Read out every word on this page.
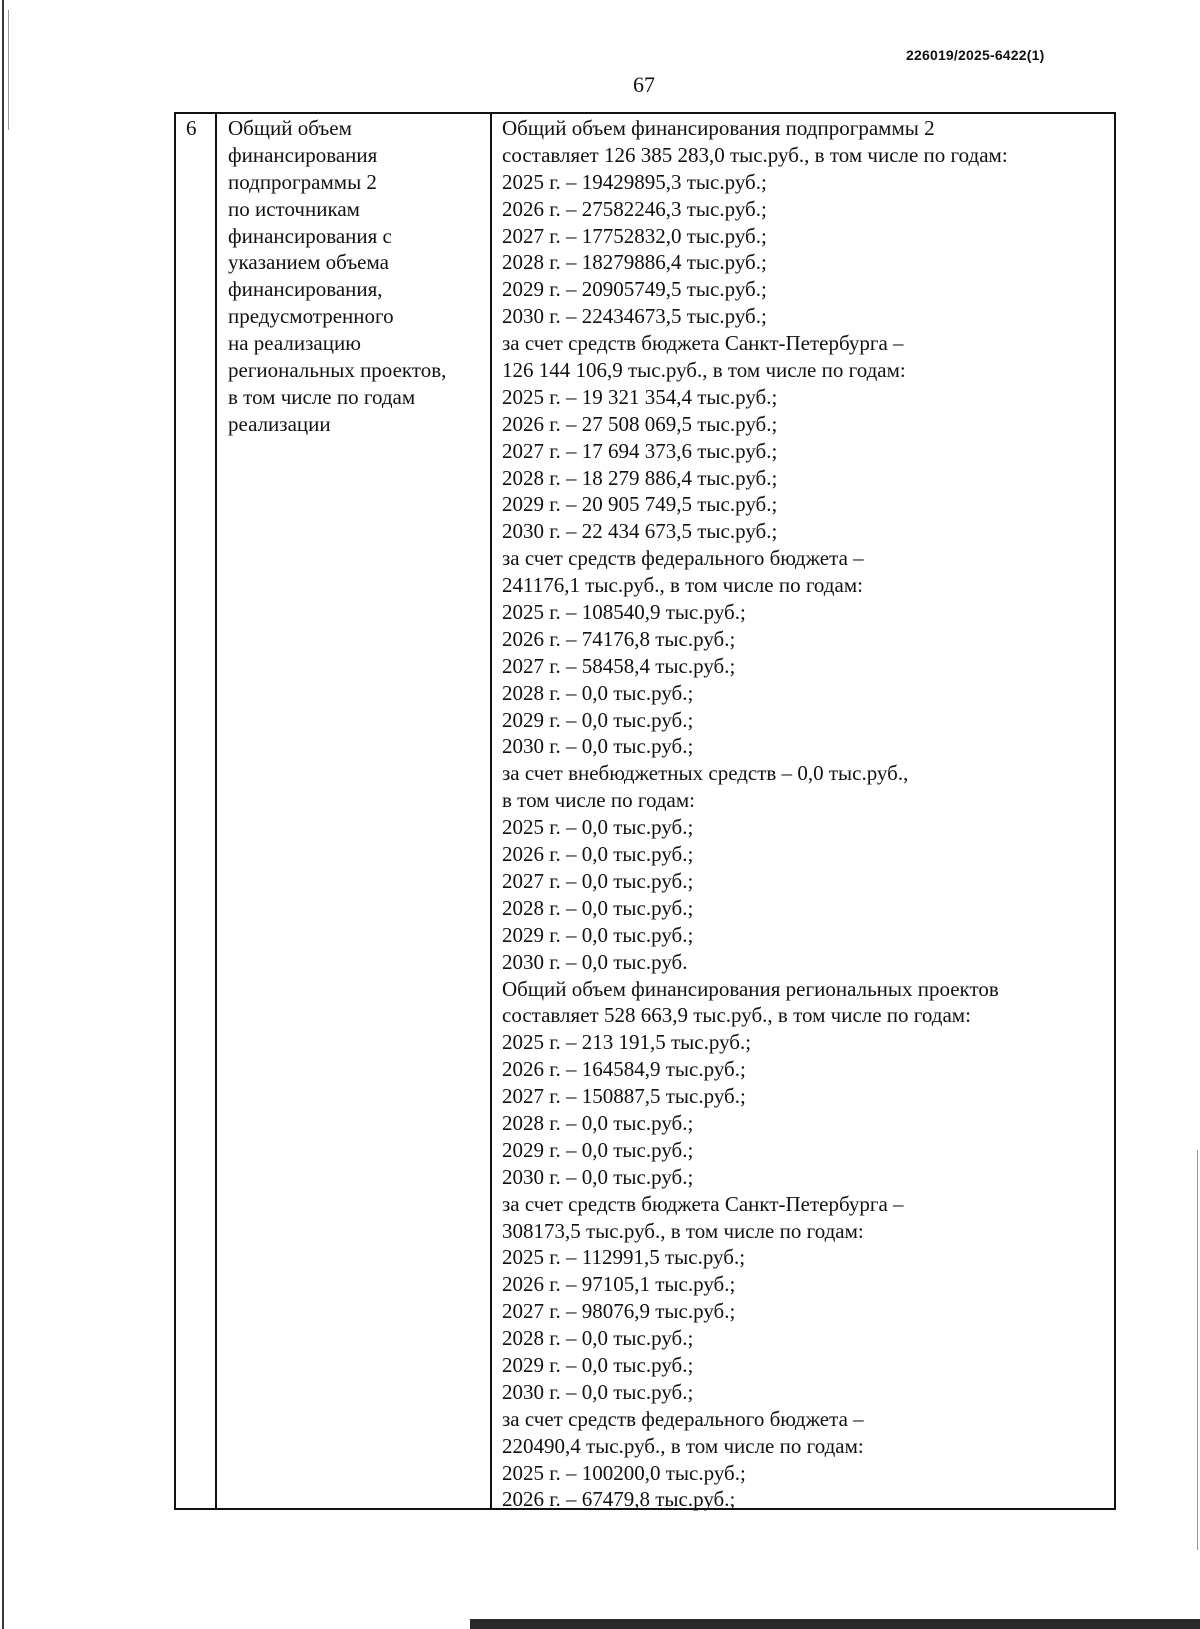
226019/2025-6422(1)
67
6 Общий объем
финансирования
подпрограммы 2
по источникам
финансирования с
указанием объема
финансирования,
предусмотренного
на реализацию
региональных проектов,
в том числе по годам
реализации
Общий объем финансирования подпрограммы 2
составляет 126 385 283,0 тыс.руб., в том числе по годам:
2025 г. – 19429895,3 тыс.руб.;
2026 г. – 27582246,3 тыс.руб.;
2027 г. – 17752832,0 тыс.руб.;
2028 г. – 18279886,4 тыс.руб.;
2029 г. – 20905749,5 тыс.руб.;
2030 г. – 22434673,5 тыс.руб.;
за счет средств бюджета Санкт-Петербурга –
126 144 106,9 тыс.руб., в том числе по годам:
2025 г. – 19 321 354,4 тыс.руб.;
2026 г. – 27 508 069,5 тыс.руб.;
2027 г. – 17 694 373,6 тыс.руб.;
2028 г. – 18 279 886,4 тыс.руб.;
2029 г. – 20 905 749,5 тыс.руб.;
2030 г. – 22 434 673,5 тыс.руб.;
за счет средств федерального бюджета –
241176,1 тыс.руб., в том числе по годам:
2025 г. – 108540,9 тыс.руб.;
2026 г. – 74176,8 тыс.руб.;
2027 г. – 58458,4 тыс.руб.;
2028 г. – 0,0 тыс.руб.;
2029 г. – 0,0 тыс.руб.;
2030 г. – 0,0 тыс.руб.;
за счет внебюджетных средств – 0,0 тыс.руб.,
в том числе по годам:
2025 г. – 0,0 тыс.руб.;
2026 г. – 0,0 тыс.руб.;
2027 г. – 0,0 тыс.руб.;
2028 г. – 0,0 тыс.руб.;
2029 г. – 0,0 тыс.руб.;
2030 г. – 0,0 тыс.руб.
Общий объем финансирования региональных проектов
составляет 528 663,9 тыс.руб., в том числе по годам:
2025 г. – 213 191,5 тыс.руб.;
2026 г. – 164584,9 тыс.руб.;
2027 г. – 150887,5 тыс.руб.;
2028 г. – 0,0 тыс.руб.;
2029 г. – 0,0 тыс.руб.;
2030 г. – 0,0 тыс.руб.;
за счет средств бюджета Санкт-Петербурга –
308173,5 тыс.руб., в том числе по годам:
2025 г. – 112991,5 тыс.руб.;
2026 г. – 97105,1 тыс.руб.;
2027 г. – 98076,9 тыс.руб.;
2028 г. – 0,0 тыс.руб.;
2029 г. – 0,0 тыс.руб.;
2030 г. – 0,0 тыс.руб.;
за счет средств федерального бюджета –
220490,4 тыс.руб., в том числе по годам:
2025 г. – 100200,0 тыс.руб.;
2026 г. – 67479,8 тыс.руб.;
